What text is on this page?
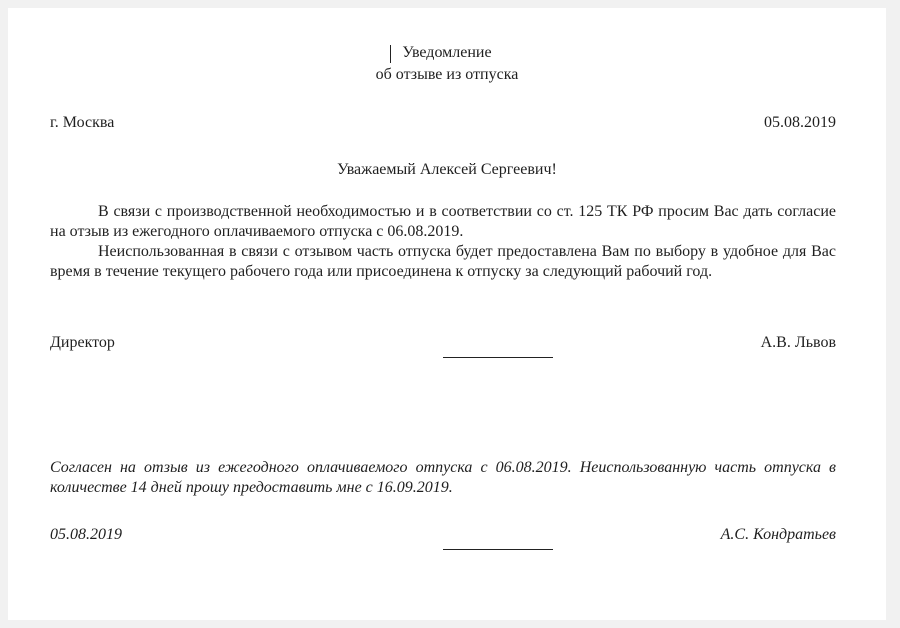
Уведомление
об отзыве из отпуска
г. Москва	05.08.2019
Уважаемый Алексей Сергеевич!
В связи с производственной необходимостью и в соответствии со ст. 125 ТК РФ просим Вас дать согласие на отзыв из ежегодного оплачиваемого отпуска с 06.08.2019.
Неиспользованная в связи с отзывом часть отпуска будет предоставлена Вам по выбору в удобное для Вас время в течение текущего рабочего года или присоединена к отпуску за следующий рабочий год.
Директор	А.В. Львов
Согласен на отзыв из ежегодного оплачиваемого отпуска с 06.08.2019. Неиспользованную часть отпуска в количестве 14 дней прошу предоставить мне с 16.09.2019.
05.08.2019	А.С. Кондратьев
